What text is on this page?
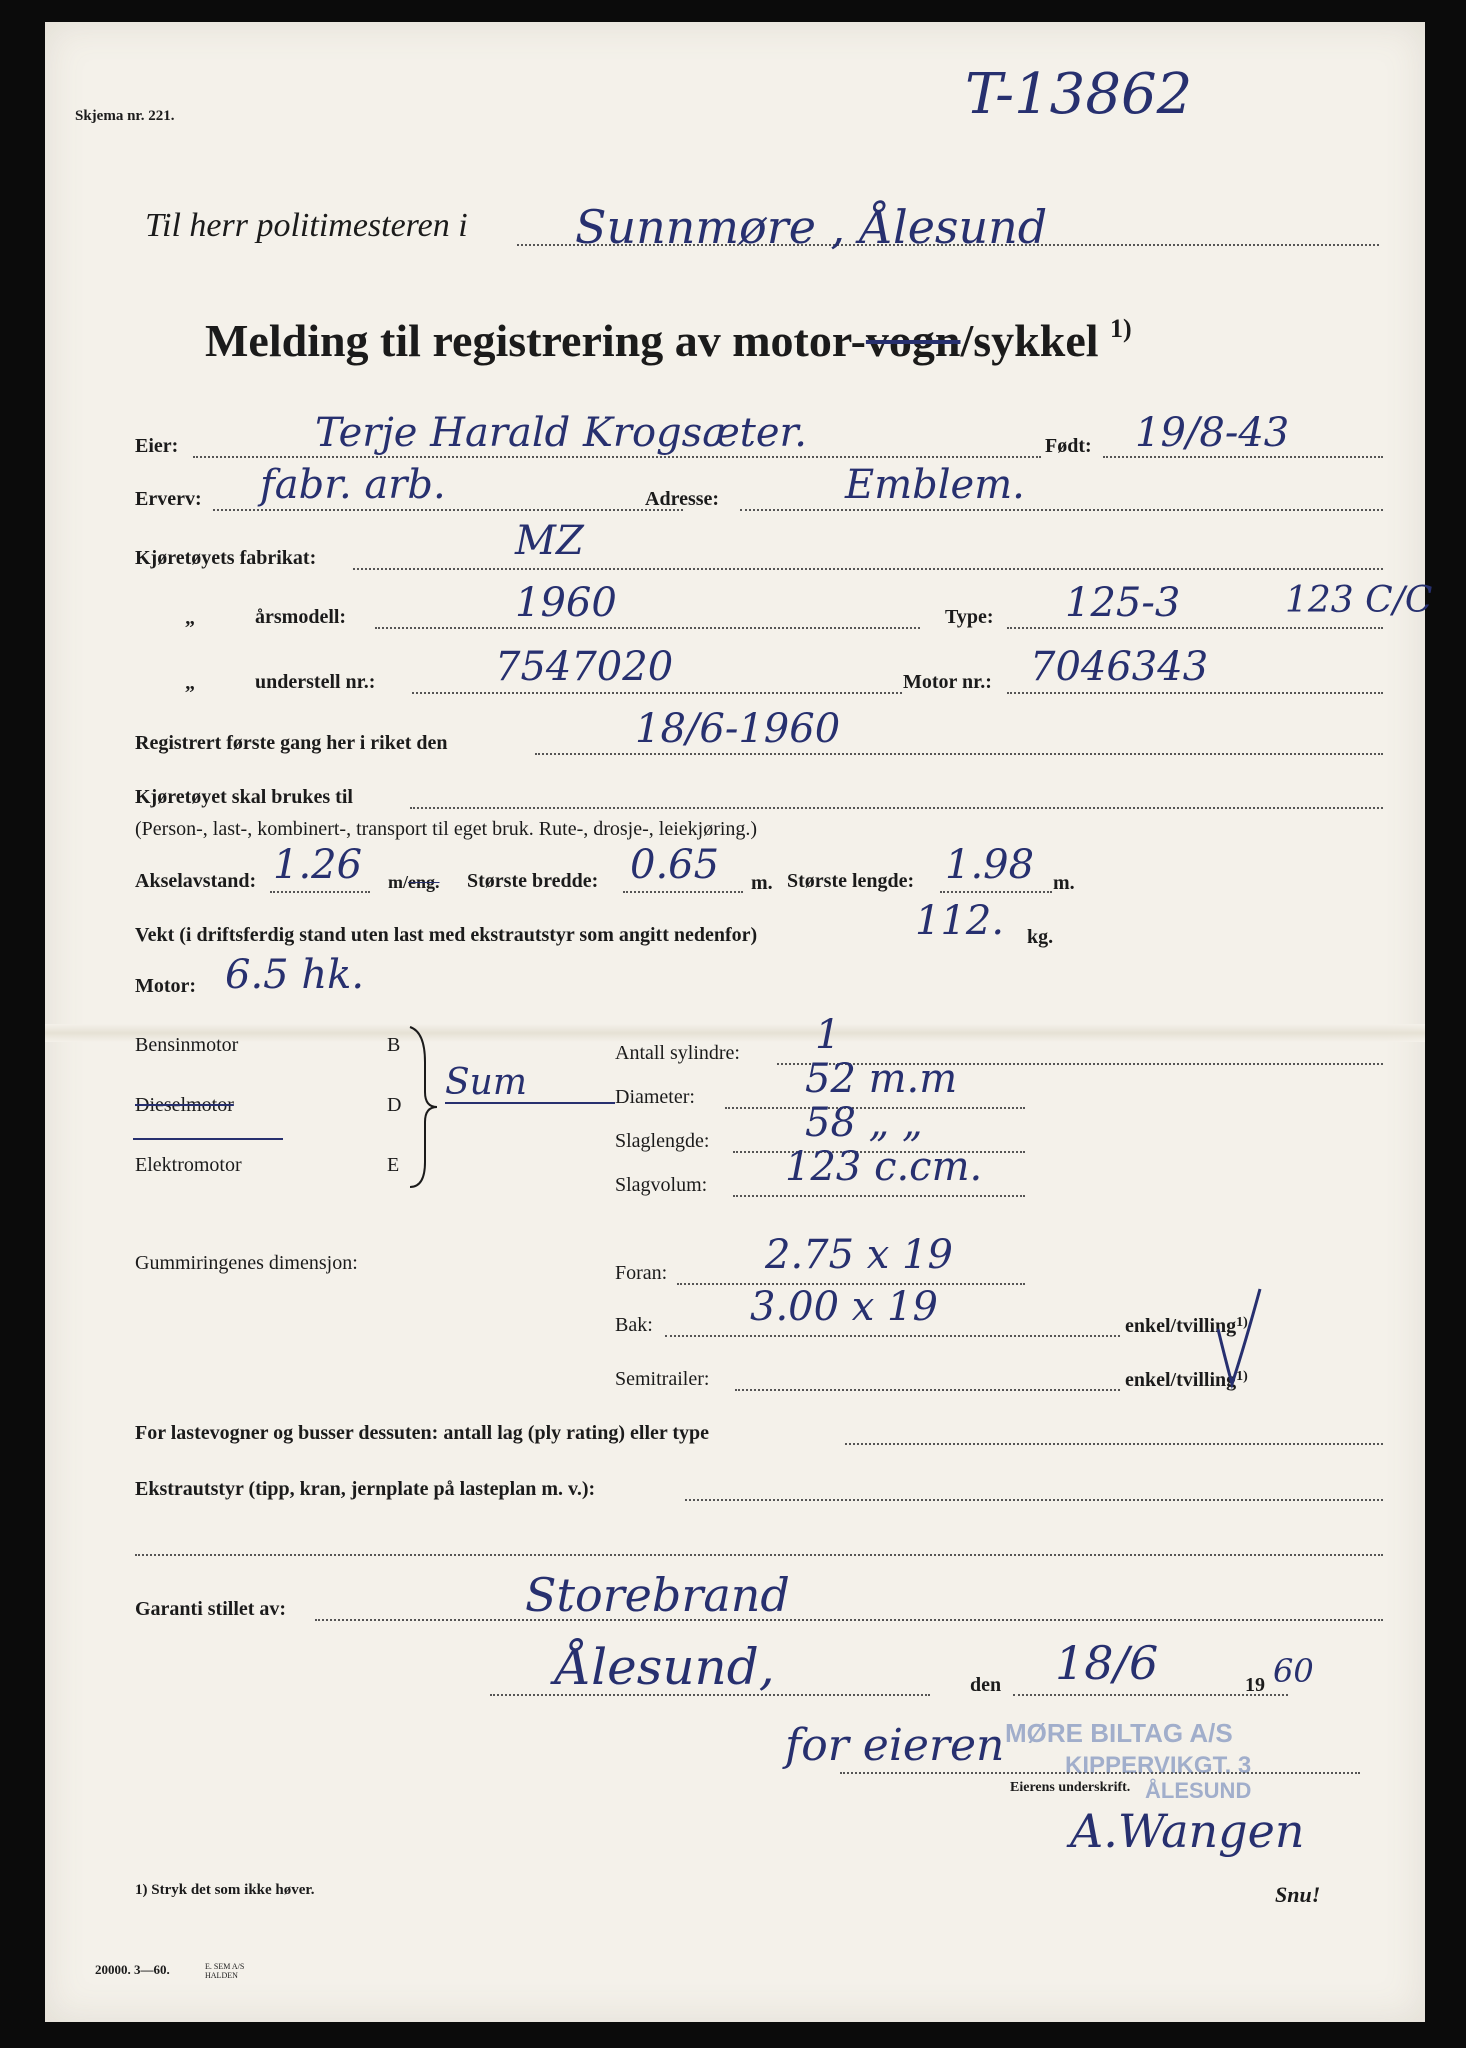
Skjema nr. 221.	T-13862
Til herr politimesteren i Sunnmøre , Ålesund
Melding til registrering av motor-vogn/sykkel $^{1)}$
Eier:	Terje Harald Krogsæter.	Født: 19/8-43
Erverv: fabr. arb.	Adresse:	Emblem.
Kjøretøyets fabrikat:	MZ
„	årsmodell:	1960	Type: 125-3	123 C/C
„	understell nr.:	7547020	Motor nr.: 7046343
Registrert første gang her i riket den	18/6-1960
Kjøretøyet skal brukes til
(Person-, last-, kombinert-, transport til eget bruk. Rute-, drosje-, leiekjøring.)
Akselavstand: 1.26 m/eng. Største bredde: 0.65 m. Største lengde: 1.98 m.
Vekt (i driftsferdig stand uten last med ekstrautstyr som angitt nedenfor)	112. kg.
Motor: 6.5 hk.
Bensinmotor	B
Dieselmotor	D
Elektromotor	E
Sum
Antall sylindre: 1
Diameter:	52 m.m
Slaglengde: 58 „ „
Slagvolum: 123 c.cm.
Gummiringenes dimensjon:	Foran: 2.75 x 19
Bak: 3.00 x 19	enkel/tvilling$^{1)}$
Semitrailer:	enkel/tvilling$^{1)}$
For lastevogner og busser dessuten: antall lag (ply rating) eller type
Ekstrautstyr (tipp, kran, jernplate på lasteplan m. v.):
Garanti stillet av:	Storebrand
Ålesund,	den 18/6	19 60
MØRE BILTAG A/S
KIPPERVIKGT. 3
ÅLESUND
for eieren
Eierens underskrift.
A.Wangen
1) Stryk det som ikke høver.	Snu!
20000. 3—60.	E. SEM A/S HALDEN
